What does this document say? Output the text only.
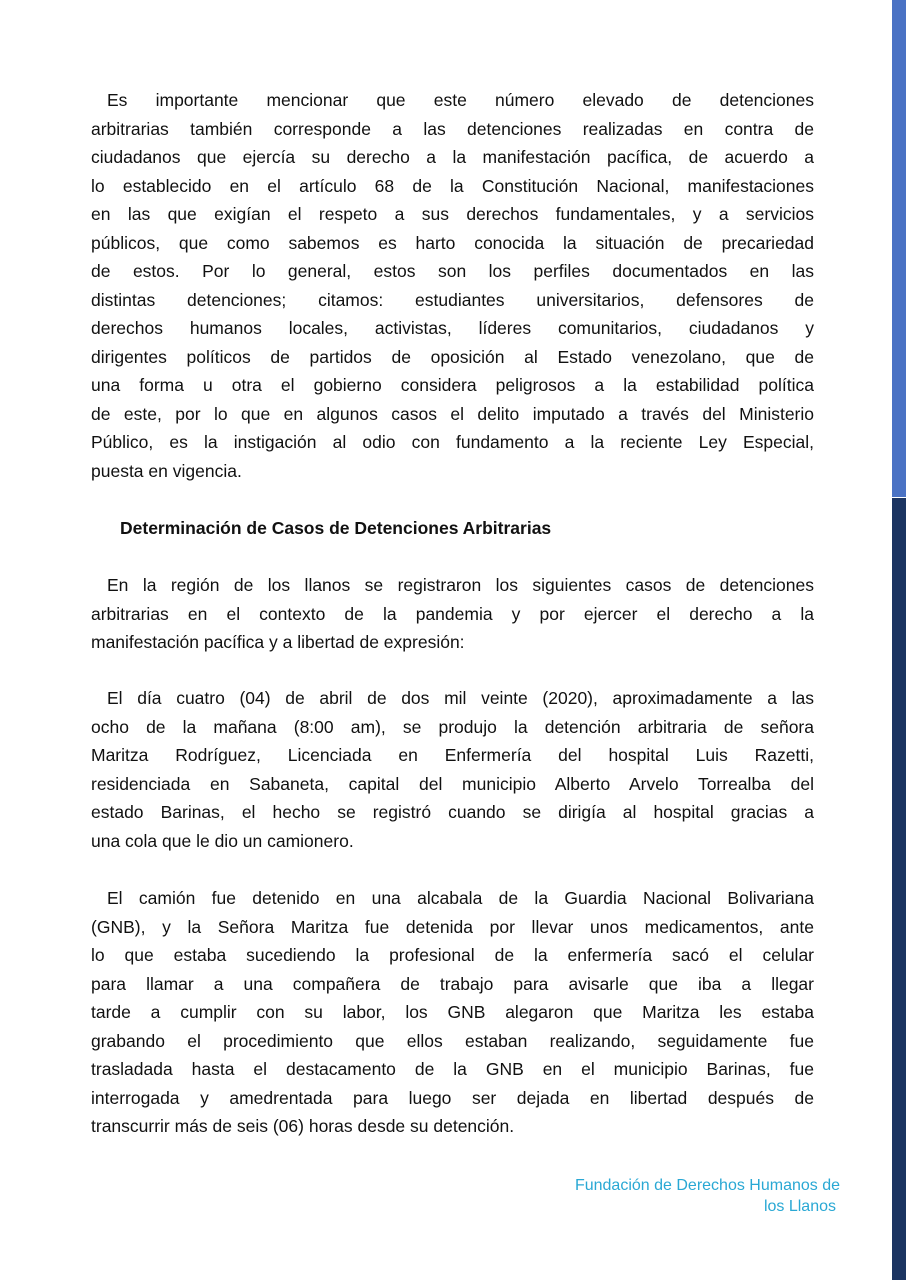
Es importante mencionar que este número elevado de detenciones
arbitrarias también corresponde a las detenciones realizadas en contra de
ciudadanos que ejercía su derecho a la manifestación pacífica, de acuerdo a
lo establecido en el artículo 68 de la Constitución Nacional, manifestaciones
en las que exigían el respeto a sus derechos fundamentales, y a servicios
públicos, que como sabemos es harto conocida la situación de precariedad
de estos. Por lo general, estos son los perfiles documentados en las
distintas detenciones; citamos: estudiantes universitarios, defensores de
derechos humanos locales, activistas, líderes comunitarios, ciudadanos y
dirigentes políticos de partidos de oposición al Estado venezolano, que de
una forma u otra el gobierno considera peligrosos a la estabilidad política
de este, por lo que en algunos casos el delito imputado a través del Ministerio
Público, es la instigación al odio con fundamento a la reciente Ley Especial,
puesta en vigencia.
Determinación de Casos de Detenciones Arbitrarias
En la región de los llanos se registraron los siguientes casos de detenciones
arbitrarias en el contexto de la pandemia y por ejercer el derecho a la
manifestación pacífica y a libertad de expresión:
El día cuatro (04) de abril de dos mil veinte (2020), aproximadamente a las
ocho de la mañana (8:00 am), se produjo la detención arbitraria de señora
Maritza Rodríguez, Licenciada en Enfermería del hospital Luis Razetti,
residenciada en Sabaneta, capital del municipio Alberto Arvelo Torrealba del
estado Barinas, el hecho se registró cuando se dirigía al hospital gracias a
una cola que le dio un camionero.
El camión fue detenido en una alcabala de la Guardia Nacional Bolivariana
(GNB), y la Señora Maritza fue detenida por llevar unos medicamentos, ante
lo que estaba sucediendo la profesional de la enfermería sacó el celular
para llamar a una compañera de trabajo para avisarle que iba a llegar
tarde a cumplir con su labor, los GNB alegaron que Maritza les estaba
grabando el procedimiento que ellos estaban realizando, seguidamente fue
trasladada hasta el destacamento de la GNB en el municipio Barinas, fue
interrogada y amedrentada para luego ser dejada en libertad después de
transcurrir más de seis (06) horas desde su detención.
Fundación de Derechos Humanos de
los Llanos
